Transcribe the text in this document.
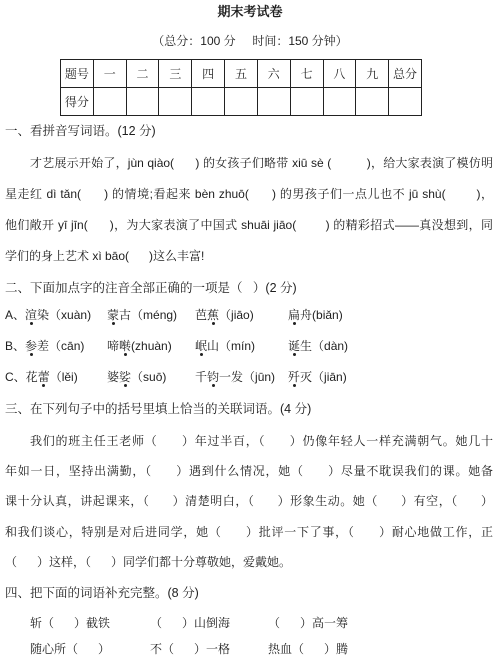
期末考试卷
（总分：100 分     时间：150 分钟）
题号	一	二	三	四	五	六	七	八	九	总分
得分										
一、看拼音写词语。(12 分)
才艺展示开始了，jùn qiào(      ) 的女孩子们略带 xiū sè (          )，给大家表演了模仿明
星走红 dì tǎn(      ) 的情境;看起来 bèn zhuō(      ) 的男孩子们一点儿也不 jū shù(        )，
他们敞开 yī jīn(      )，为大家表演了中国式 shuāi jiāo(        ) 的精彩招式——真没想到，同
学们的身上艺术 xì bāo(      )这么丰富!
二、下面加点字的注音全部正确的一项是（   ）(2 分)
A、渲染（xuàn)	蒙古（méng)	芭蕉（jiāo)	扁舟(biǎn)
B、参差（cān)	啼啭(zhuàn)	岷山（mín)	诞生（dàn)
C、花蕾（lěi)	婆娑（suō)	千钧一发（jūn)	歼灭（jiān)
三、在下列句子中的括号里填上恰当的关联词语。(4 分)
我们的班主任王老师（      ）年过半百，（      ）仍像年轻人一样充满朝气。她几十
年如一日，坚持出满勤，（      ）遇到什么情况，她（      ）尽量不耽误我们的课。她备
课十分认真，讲起课来，（      ）清楚明白，（      ）形象生动。她（      ）有空，（      ）
和我们谈心，特别是对后进同学，她（      ）批评一下了事，（      ）耐心地做工作，正
（      ）这样，（      ）同学们都十分尊敬她，爱戴她。
四、把下面的词语补充完整。(8 分)
斩（      ）截铁	（      ）山倒海	（      ）高一筹
随心所（      ）	不（      ）一格	热血（      ）腾
